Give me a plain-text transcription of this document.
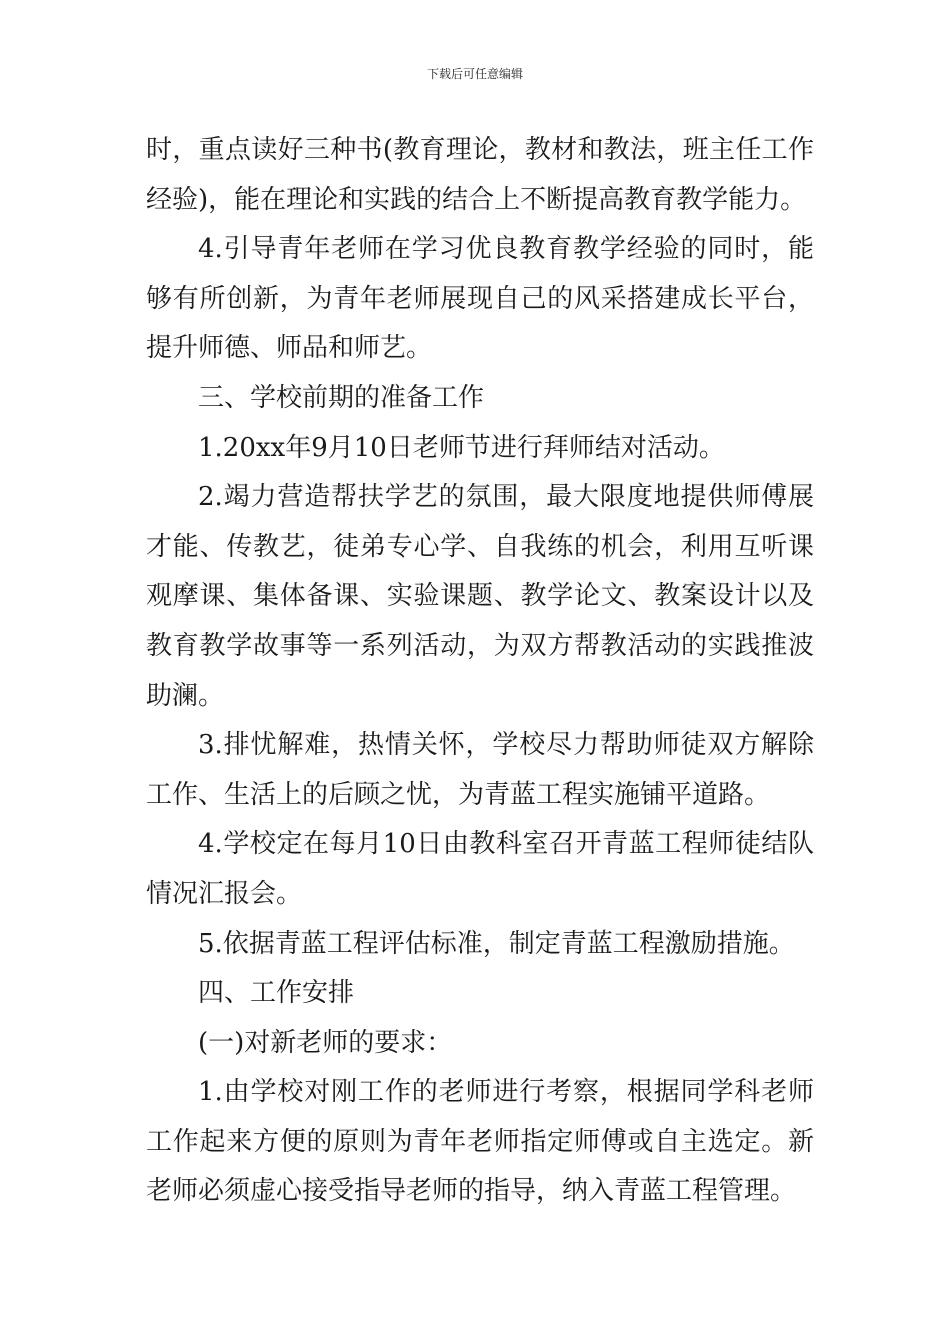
下载后可任意编辑

时，重点读好三种书(教育理论，教材和教法，班主任工作经验)，能在理论和实践的结合上不断提高教育教学能力。

4.引导青年老师在学习优良教育教学经验的同时，能够有所创新，为青年老师展现自己的风采搭建成长平台，提升师德、师品和师艺。

三、学校前期的准备工作

1.20xx年9月10日老师节进行拜师结对活动。

2.竭力营造帮扶学艺的氛围，最大限度地提供师傅展才能、传教艺，徒弟专心学、自我练的机会，利用互听课观摩课、集体备课、实验课题、教学论文、教案设计以及教育教学故事等一系列活动，为双方帮教活动的实践推波助澜。

3.排忧解难，热情关怀，学校尽力帮助师徒双方解除工作、生活上的后顾之忧，为青蓝工程实施铺平道路。

4.学校定在每月10日由教科室召开青蓝工程师徒结队情况汇报会。

5.依据青蓝工程评估标准，制定青蓝工程激励措施。

四、工作安排

(一)对新老师的要求：

1.由学校对刚工作的老师进行考察，根据同学科老师工作起来方便的原则为青年老师指定师傅或自主选定。新老师必须虚心接受指导老师的指导，纳入青蓝工程管理。
